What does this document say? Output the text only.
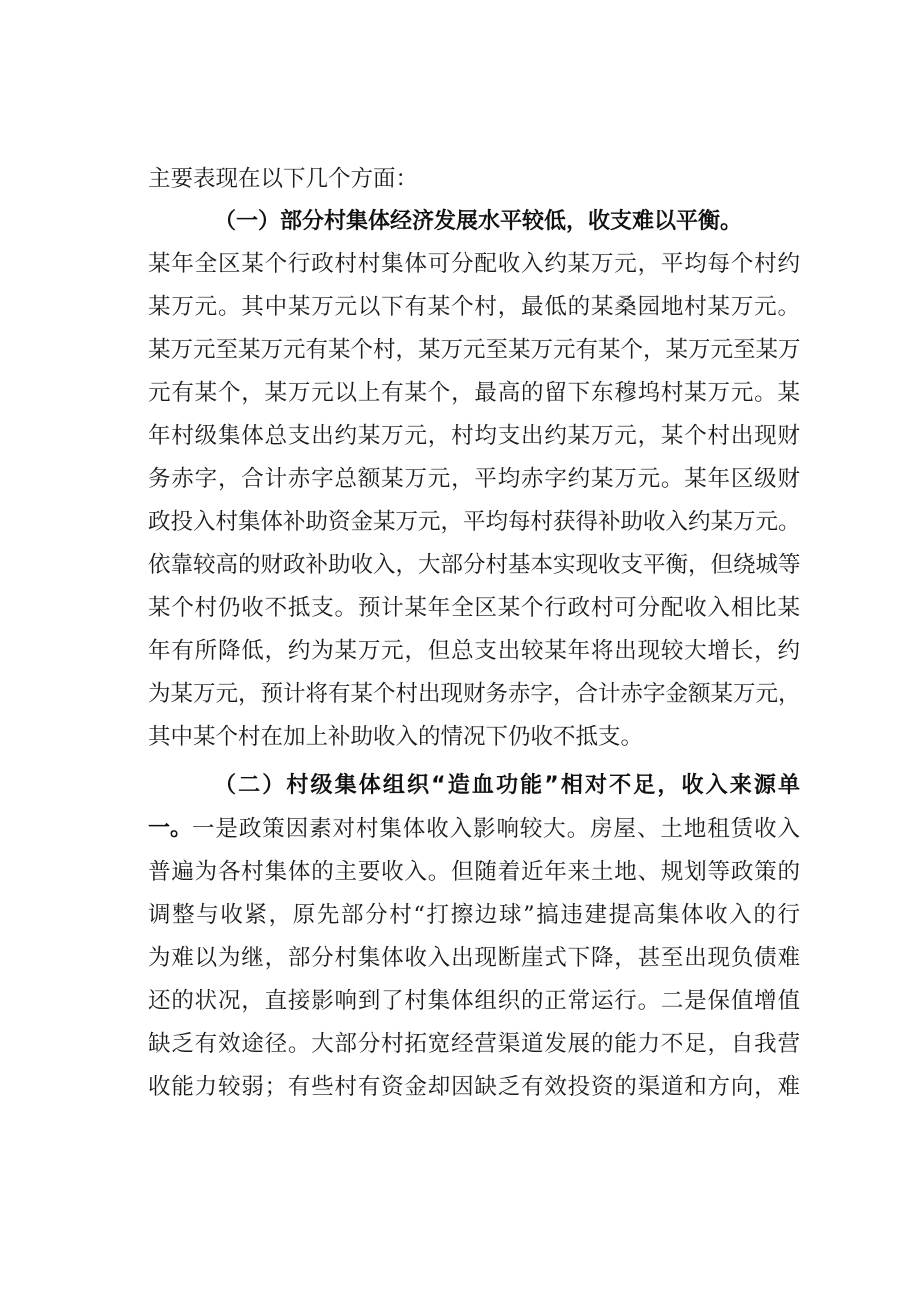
主要表现在以下几个方面：
（一）部分村集体经济发展水平较低，收支难以平衡。
某年全区某个行政村村集体可分配收入约某万元，平均每个村约
某万元。其中某万元以下有某个村，最低的某桑园地村某万元。
某万元至某万元有某个村，某万元至某万元有某个，某万元至某万
元有某个，某万元以上有某个，最高的留下东穆坞村某万元。某
年村级集体总支出约某万元，村均支出约某万元，某个村出现财
务赤字，合计赤字总额某万元，平均赤字约某万元。某年区级财
政投入村集体补助资金某万元，平均每村获得补助收入约某万元。
依靠较高的财政补助收入，大部分村基本实现收支平衡，但绕城等
某个村仍收不抵支。预计某年全区某个行政村可分配收入相比某
年有所降低，约为某万元，但总支出较某年将出现较大增长，约
为某万元，预计将有某个村出现财务赤字，合计赤字金额某万元，
其中某个村在加上补助收入的情况下仍收不抵支。
（二）村级集体组织“造血功能”相对不足，收入来源单
一。 一是政策因素对村集体收入影响较大。房屋、土地租赁收入
普遍为各村集体的主要收入。但随着近年来土地、规划等政策的
调整与收紧，原先部分村“打擦边球”搞违建提高集体收入的行
为难以为继，部分村集体收入出现断崖式下降，甚至出现负债难
还的状况，直接影响到了村集体组织的正常运行。二是保值增值
缺乏有效途径。大部分村拓宽经营渠道发展的能力不足，自我营
收能力较弱；有些村有资金却因缺乏有效投资的渠道和方向，难
